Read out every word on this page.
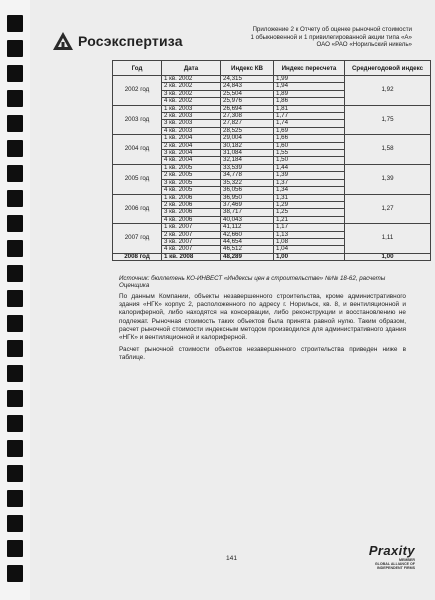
Росэкспертиза
Приложение 2 к Отчету об оценке рыночной стоимости
1 обыкновенной и 1 привилегированной акции типа «А»
ОАО «РАО «Норильский никель»
Год	Дата	Индекс КВ	Индекс пересчета	Среднегодовой индекс
2002 год	1 кв. 2002	24,315	1,99	1,92
	2 кв. 2002	24,843	1,94	
	3 кв. 2002	25,504	1,89	
	4 кв. 2002	25,976	1,86	
2003 год	1 кв. 2003	26,694	1,81	1,75
	2 кв. 2003	27,308	1,77	
	3 кв. 2003	27,827	1,74	
	4 кв. 2003	28,525	1,69	
2004 год	1 кв. 2004	29,004	1,66	1,58
	2 кв. 2004	30,182	1,60	
	3 кв. 2004	31,084	1,55	
	4 кв. 2004	32,184	1,50	
2005 год	1 кв. 2005	33,539	1,44	1,39
	2 кв. 2005	34,778	1,39	
	3 кв. 2005	35,322	1,37	
	4 кв. 2005	36,056	1,34	
2006 год	1 кв. 2006	36,950	1,31	1,27
	2 кв. 2006	37,469	1,29	
	3 кв. 2006	38,717	1,25	
	4 кв. 2006	40,043	1,21	
2007 год	1 кв. 2007	41,112	1,17	1,11
	2 кв. 2007	42,660	1,13	
	3 кв. 2007	44,654	1,08	
	4 кв. 2007	46,512	1,04	
2008 год	1 кв. 2008	48,289	1,00	1,00
Источник: бюллетень КО-ИНВЕСТ «Индексы цен в строительстве» №№ 18-62, расчеты Оценщика

По данным Компании, объекты незавершенного строительства, кроме административного здания «НГК» корпус 2, расположенного по адресу г. Норильск, кв. 8, и вентиляционной и калориферной, либо находятся на консервации, либо реконструкции и восстановлению не подлежат. Рыночная стоимость таких объектов была принята равной нулю. Таким образом, расчет рыночной стоимости индексным методом производился для административного здания «НГК» и вентиляционной и калориферной.

Расчет рыночной стоимости объектов незавершенного строительства приведен ниже в таблице.

141
Praxity
MEMBER
GLOBAL ALLIANCE OF
INDEPENDENT FIRMS
